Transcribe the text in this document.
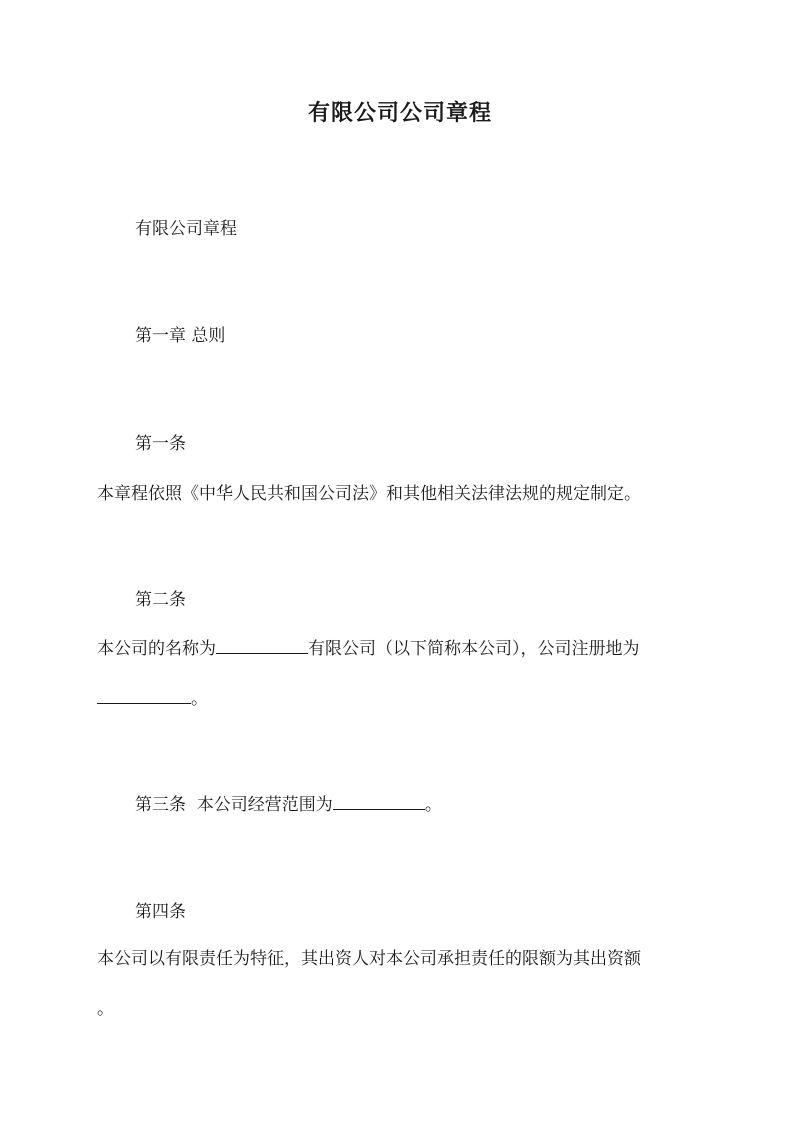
有限公司公司章程
有限公司章程
第一章 总则
第一条
本章程依照《中华人民共和国公司法》和其他相关法律法规的规定制定。
第二条
本公司的名称为	有限公司（以下简称本公司），公司注册地为
。
第三条 本公司经营范围为	。
第四条
本公司以有限责任为特征，其出资人对本公司承担责任的限额为其出资额
。
